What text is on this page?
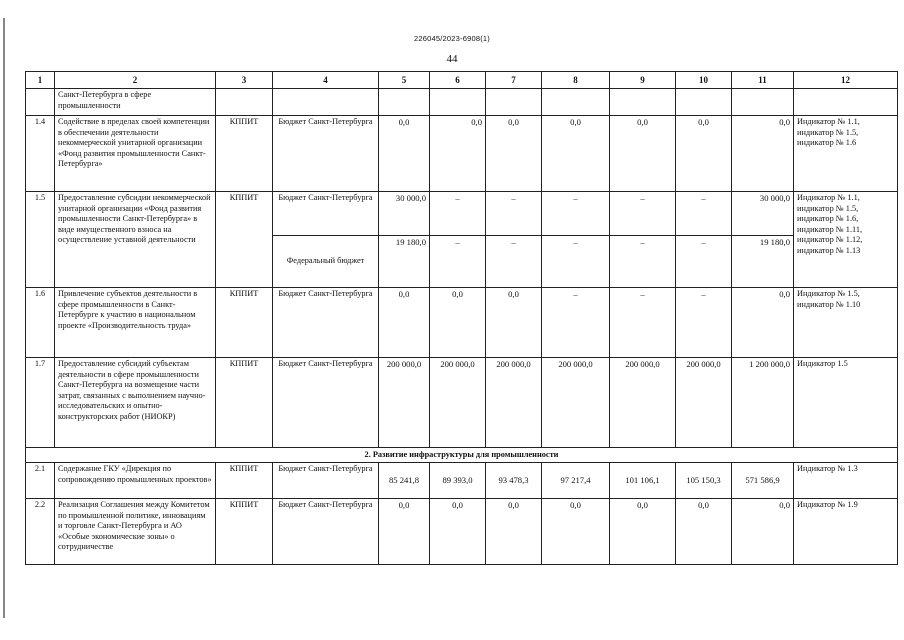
226045/2023-6908(1)
44
1	2	3	4	5	6	7	8	9	10	11	12
	Санкт-Петербурга в сфере промышленности										
1.4	Содействие в пределах своей компетенции в обеспечении деятельности некоммерческой унитарной организации «Фонд развития промышленности Санкт-Петербурга»	КППИТ	Бюджет Санкт-Петербурга	0,0	0,0	0,0	0,0	0,0	0,0	0,0	Индикатор № 1.1, индикатор № 1.5, индикатор № 1.6
1.5	Предоставление субсидии некоммерческой унитарной организации «Фонд развития промышленности Санкт-Петербурга» в виде имущественного взноса на осуществление уставной деятельности	КППИТ	Бюджет Санкт-Петербурга	30 000,0	–	–	–	–	–	30 000,0	Индикатор № 1.1, индикатор № 1.5, индикатор № 1.6, индикатор № 1.11, индикатор № 1.12, индикатор № 1.13
			Федеральный бюджет	19 180,0	–	–	–	–	–	19 180,0	
1.6	Привлечение субъектов деятельности в сфере промышленности в Санкт-Петербурге к участию в национальном проекте «Производительность труда»	КППИТ	Бюджет Санкт-Петербурга	0,0	0,0	0,0	–	–	–	0,0	Индикатор № 1.5, индикатор № 1.10
1.7	Предоставление субсидий субъектам деятельности в сфере промышленности Санкт-Петербурга на возмещение части затрат, связанных с выполнением научно-исследовательских и опытно-конструкторских работ (НИОКР)	КППИТ	Бюджет Санкт-Петербурга	200 000,0	200 000,0	200 000,0	200 000,0	200 000,0	200 000,0	1 200 000,0	Индикатор 1.5
2. Развитие инфраструктуры для промышленности											
2.1	Содержание ГКУ «Дирекция по сопровождению промышленных проектов»	КППИТ	Бюджет Санкт-Петербурга	85 241,8	89 393,0	93 478,3	97 217,4	101 106,1	105 150,3	571 586,9	Индикатор № 1.3
2.2	Реализация Соглашения между Комитетом по промышленной политике, инновациям и торговле Санкт-Петербурга и АО «Особые экономические зоны» о сотрудничестве	КППИТ	Бюджет Санкт-Петербурга	0,0	0,0	0,0	0,0	0,0	0,0	0,0	Индикатор № 1.9
